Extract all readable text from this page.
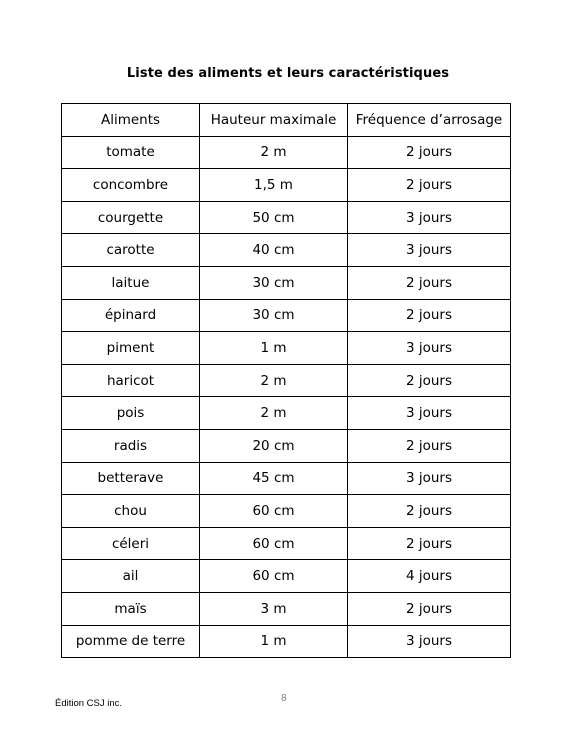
Liste des aliments et leurs caractéristiques
Aliments	Hauteur maximale	Fréquence d’arrosage
tomate	2 m	2 jours
concombre	1,5 m	2 jours
courgette	50 cm	3 jours
carotte	40 cm	3 jours
laitue	30 cm	2 jours
épinard	30 cm	2 jours
piment	1 m	3 jours
haricot	2 m	2 jours
pois	2 m	3 jours
radis	20 cm	2 jours
betterave	45 cm	3 jours
chou	60 cm	2 jours
céleri	60 cm	2 jours
ail	60 cm	4 jours
maïs	3 m	2 jours
pomme de terre	1 m	3 jours
8
Édition CSJ inc.
